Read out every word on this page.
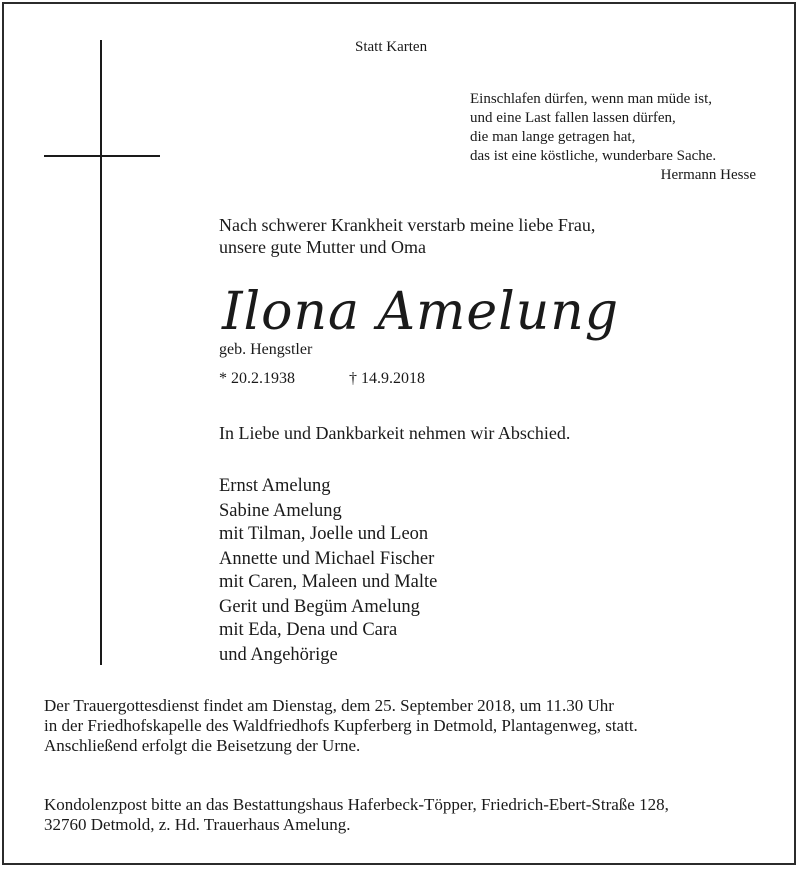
Statt Karten
Einschlafen dürfen, wenn man müde ist,
und eine Last fallen lassen dürfen,
die man lange getragen hat,
das ist eine köstliche, wunderbare Sache.
Hermann Hesse
Nach schwerer Krankheit verstarb meine liebe Frau,
unsere gute Mutter und Oma
Ilona Amelung
geb. Hengstler
* 20.2.1938	† 14.9.2018
In Liebe und Dankbarkeit nehmen wir Abschied.
Ernst Amelung
Sabine Amelung
mit Tilman, Joelle und Leon
Annette und Michael Fischer
mit Caren, Maleen und Malte
Gerit und Begüm Amelung
mit Eda, Dena und Cara
und Angehörige
Der Trauergottesdienst findet am Dienstag, dem 25. September 2018, um 11.30 Uhr
in der Friedhofskapelle des Waldfriedhofs Kupferberg in Detmold, Plantagenweg, statt.
Anschließend erfolgt die Beisetzung der Urne.
Kondolenzpost bitte an das Bestattungshaus Haferbeck-Töpper, Friedrich-Ebert-Straße 128,
32760 Detmold, z. Hd. Trauerhaus Amelung.
